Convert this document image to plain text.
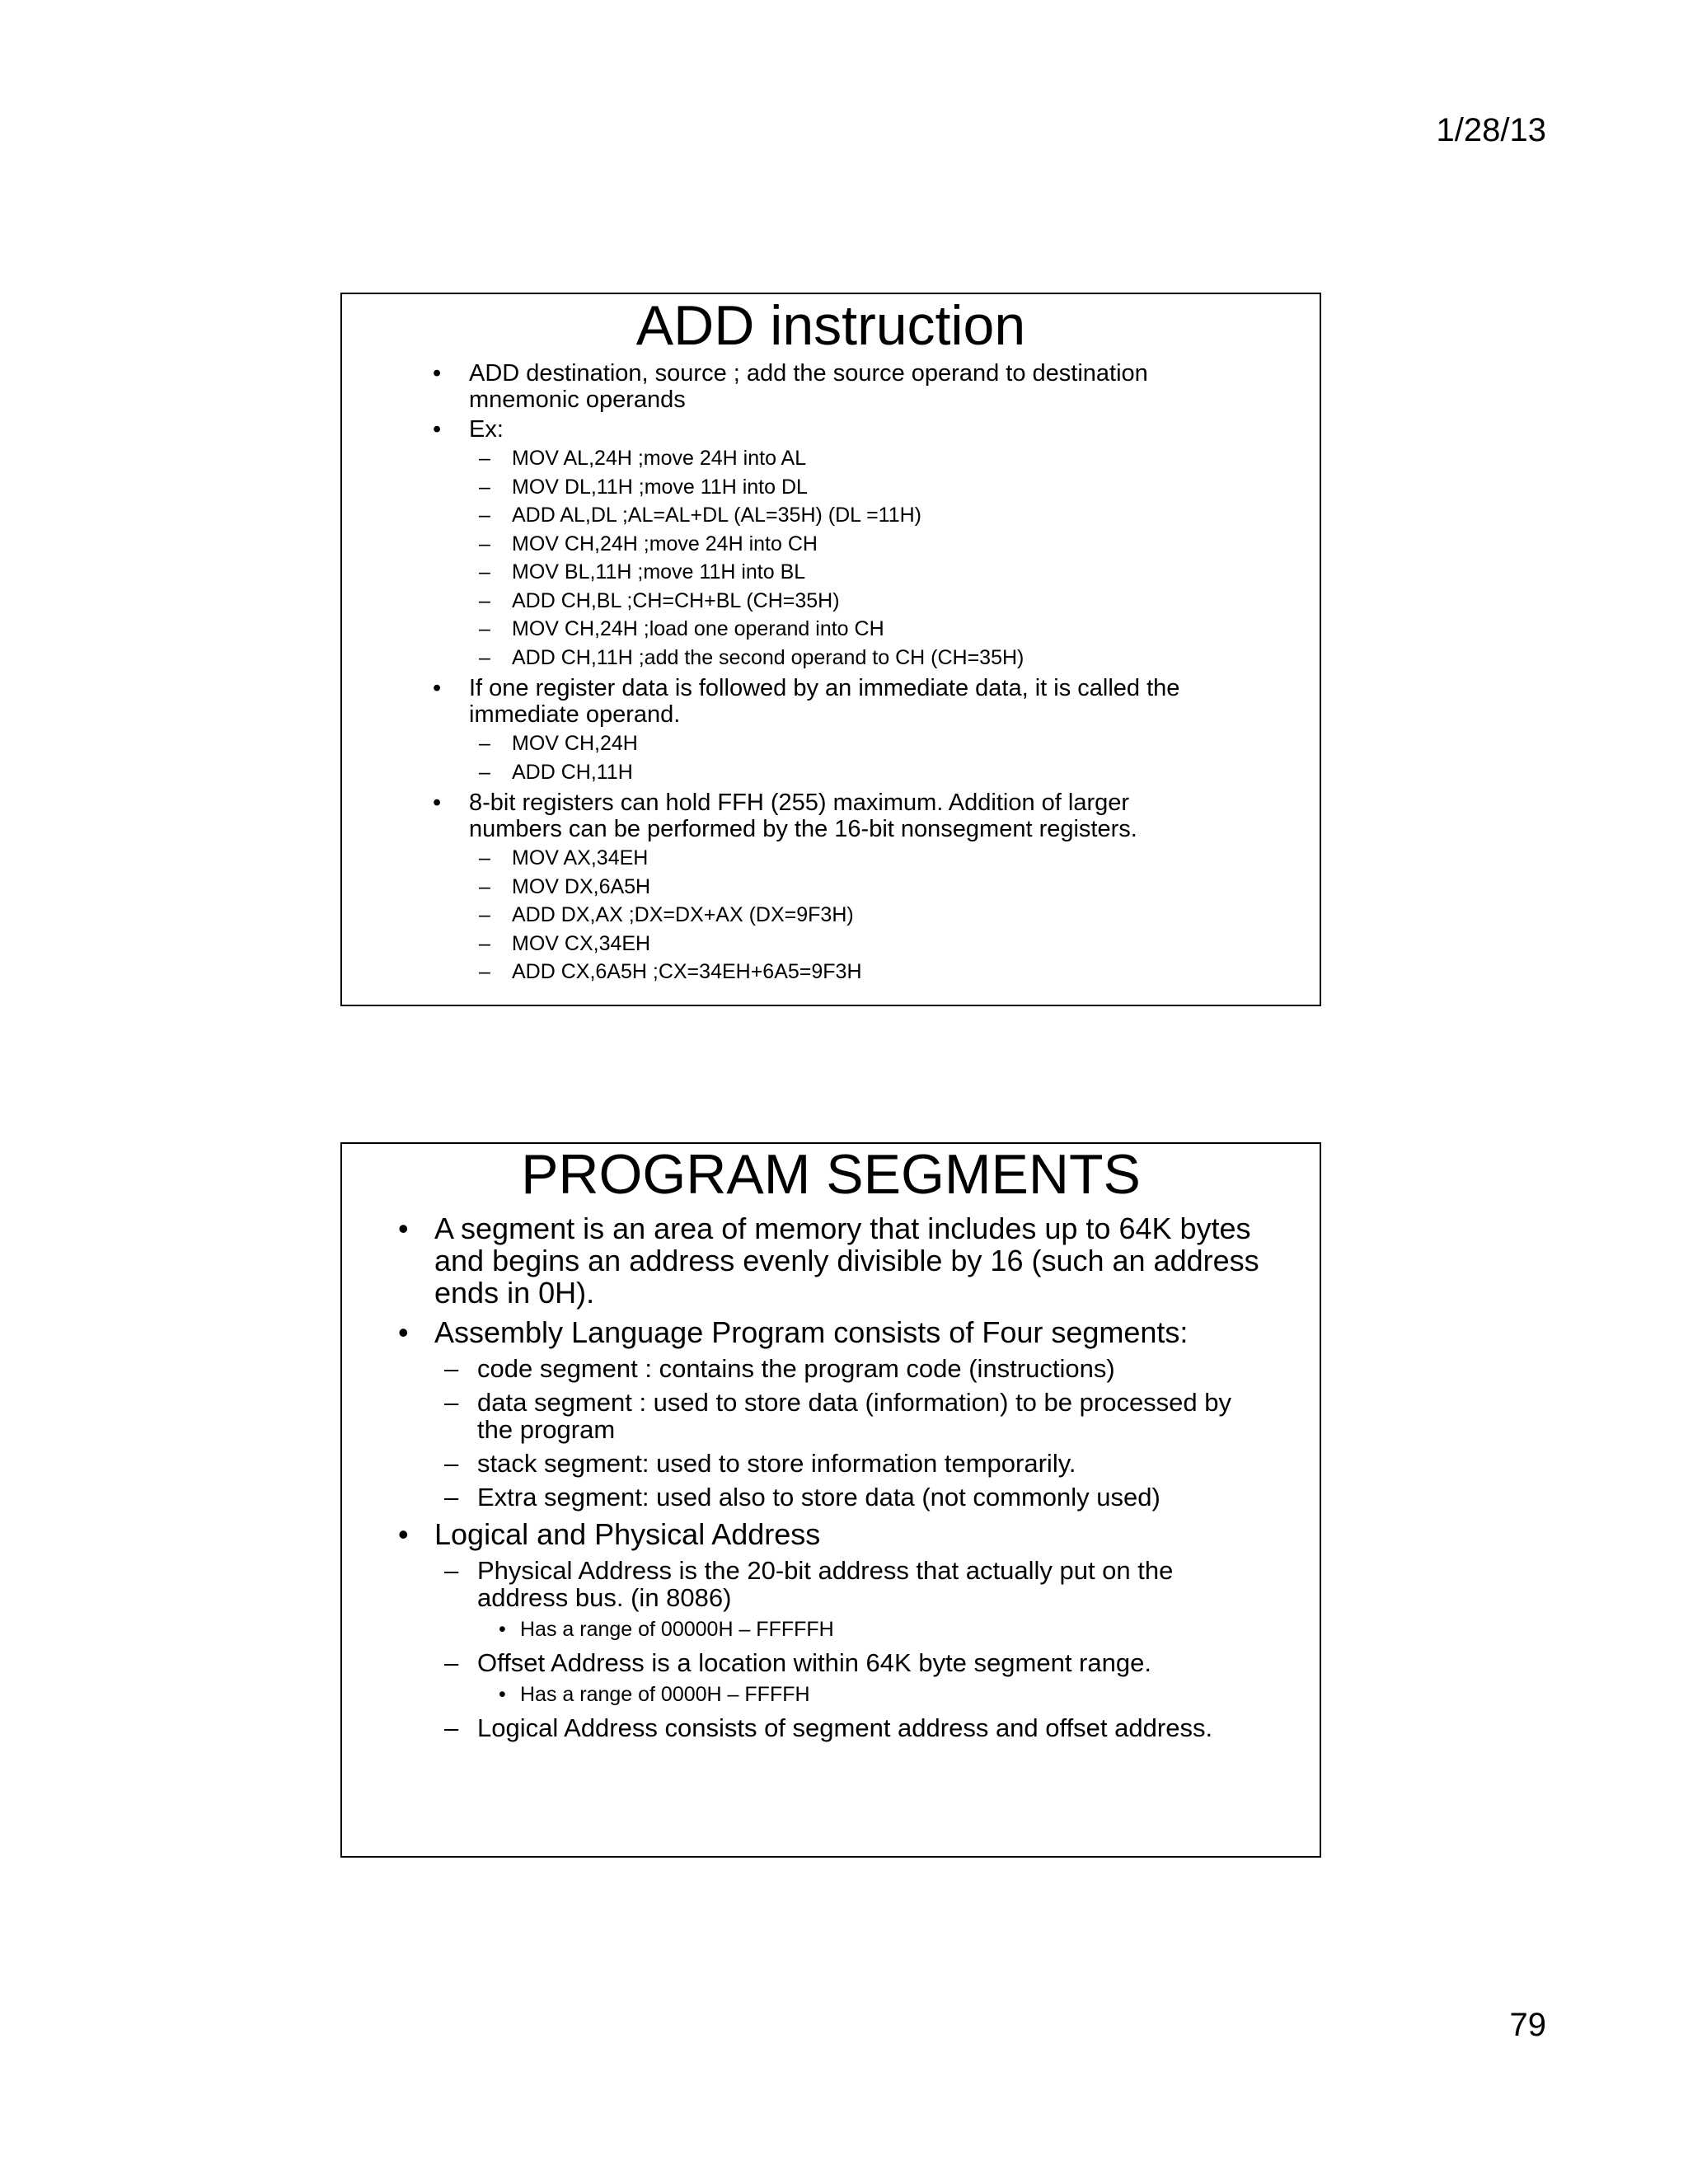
1/28/13
ADD instruction
• ADD destination, source ; add the source operand to destination mnemonic operands
• Ex:
– MOV AL,24H ;move 24H into AL
– MOV DL,11H ;move 11H into DL
– ADD AL,DL ;AL=AL+DL (AL=35H) (DL =11H)
– MOV CH,24H ;move 24H into CH
– MOV BL,11H ;move 11H into BL
– ADD CH,BL ;CH=CH+BL (CH=35H)
– MOV CH,24H ;load one operand into CH
– ADD CH,11H ;add the second operand to CH (CH=35H)
• If one register data is followed by an immediate data, it is called the immediate operand.
– MOV CH,24H
– ADD CH,11H
• 8-bit registers can hold FFH (255) maximum. Addition of larger numbers can be performed by the 16-bit nonsegment registers.
– MOV AX,34EH
– MOV DX,6A5H
– ADD DX,AX ;DX=DX+AX (DX=9F3H)
– MOV CX,34EH
– ADD CX,6A5H ;CX=34EH+6A5=9F3H
PROGRAM SEGMENTS
• A segment is an area of memory that includes up to 64K bytes and begins an address evenly divisible by 16 (such an address ends in 0H).
• Assembly Language Program consists of Four segments:
– code segment : contains the program code (instructions)
– data segment : used to store data (information) to be processed by the program
– stack segment: used to store information temporarily.
– Extra segment: used also to store data (not commonly used)
• Logical and Physical Address
– Physical Address is the 20-bit address that actually put on the address bus. (in 8086)
• Has a range of 00000H – FFFFFH
– Offset Address is a location within 64K byte segment range.
• Has a range of 0000H – FFFFH
– Logical Address consists of segment address and offset address.
79
